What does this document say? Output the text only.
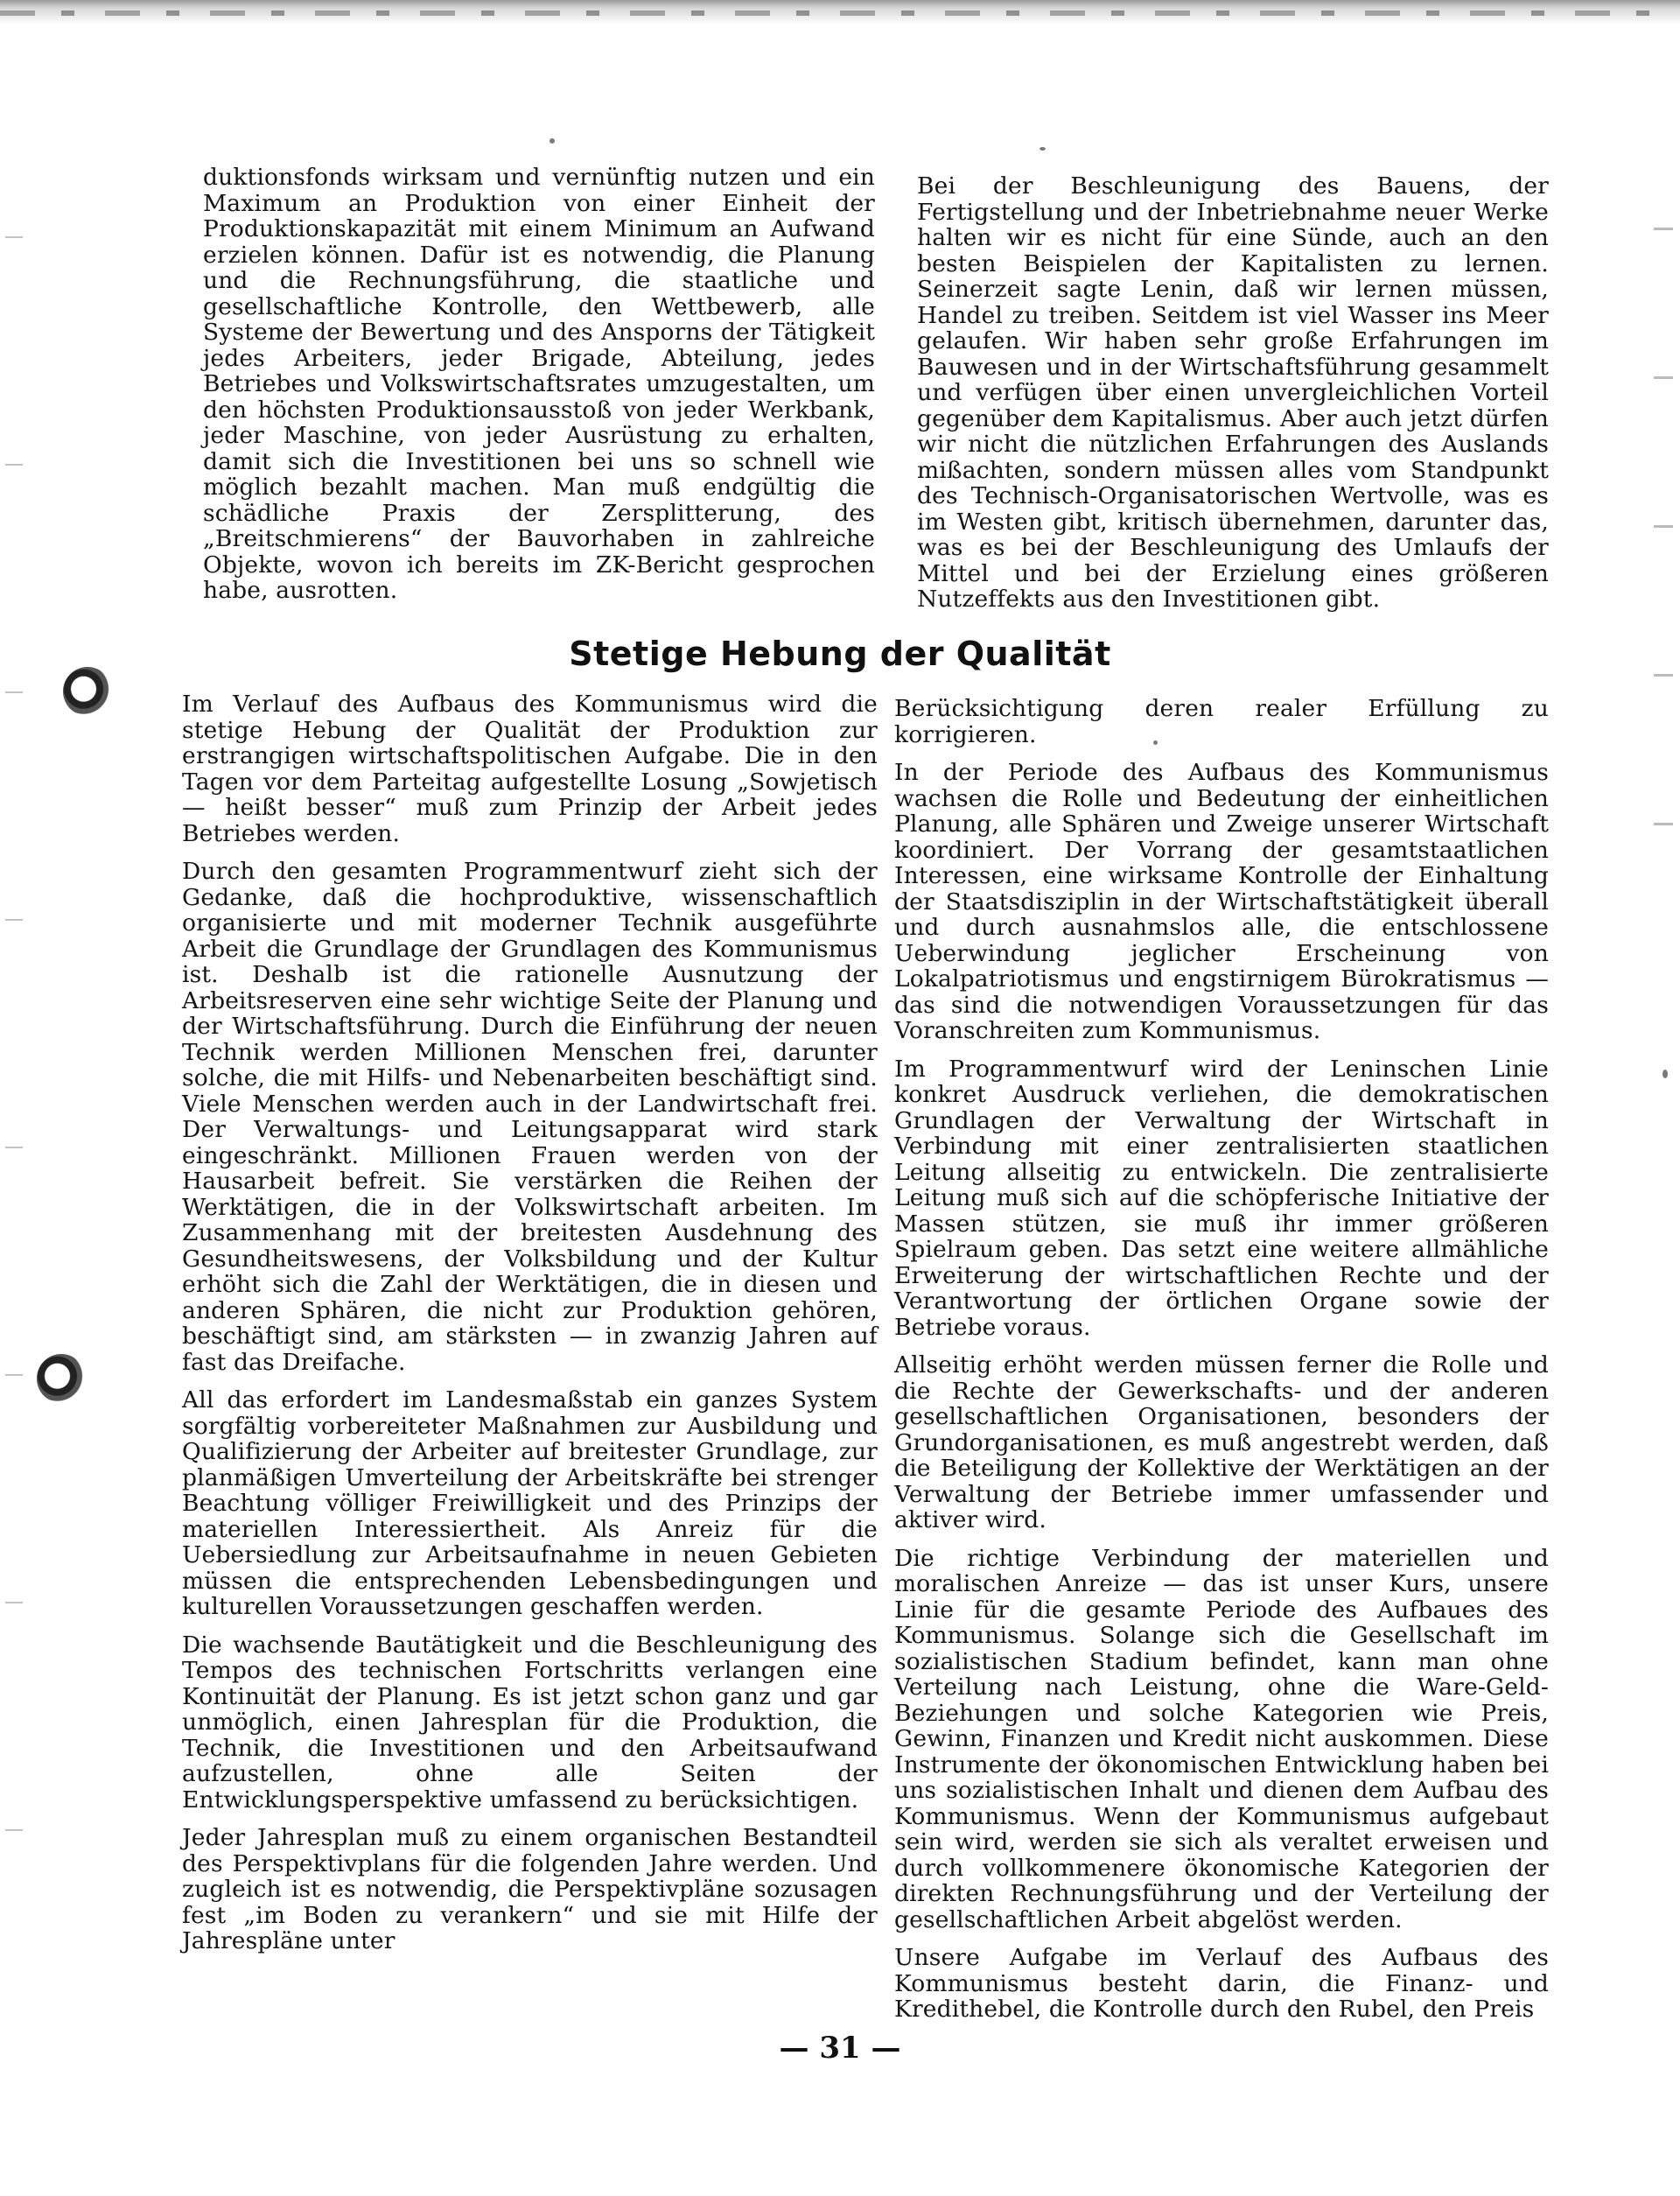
duktionsfonds wirksam und vernünftig nutzen und ein Maximum an Produktion von einer Einheit der Produktionskapazität mit einem Minimum an Aufwand erzielen können. Dafür ist es notwendig, die Planung und die Rechnungsführung, die staatliche und gesellschaftliche Kontrolle, den Wettbewerb, alle Systeme der Bewertung und des Ansporns der Tätigkeit jedes Arbeiters, jeder Brigade, Abteilung, jedes Betriebes und Volkswirtschaftsrates umzugestalten, um den höchsten Produktionsausstoß von jeder Werkbank, jeder Maschine, von jeder Ausrüstung zu erhalten, damit sich die Investitionen bei uns so schnell wie möglich bezahlt machen. Man muß endgültig die schädliche Praxis der Zersplitterung, des „Breitschmierens“ der Bauvorhaben in zahlreiche Objekte, wovon ich bereits im ZK-Bericht gesprochen habe, ausrotten.

Bei der Beschleunigung des Bauens, der Fertigstellung und der Inbetriebnahme neuer Werke halten wir es nicht für eine Sünde, auch an den besten Beispielen der Kapitalisten zu lernen. Seinerzeit sagte Lenin, daß wir lernen müssen, Handel zu treiben. Seitdem ist viel Wasser ins Meer gelaufen. Wir haben sehr große Erfahrungen im Bauwesen und in der Wirtschaftsführung gesammelt und verfügen über einen unvergleichlichen Vorteil gegenüber dem Kapitalismus. Aber auch jetzt dürfen wir nicht die nützlichen Erfahrungen des Auslands mißachten, sondern müssen alles vom Standpunkt des Technisch-Organisatorischen Wertvolle, was es im Westen gibt, kritisch übernehmen, darunter das, was es bei der Beschleunigung des Umlaufs der Mittel und bei der Erzielung eines größeren Nutzeffekts aus den Investitionen gibt.

Stetige Hebung der Qualität

Im Verlauf des Aufbaus des Kommunismus wird die stetige Hebung der Qualität der Produktion zur erstrangigen wirtschaftspolitischen Aufgabe. Die in den Tagen vor dem Parteitag aufgestellte Losung „Sowjetisch — heißt besser“ muß zum Prinzip der Arbeit jedes Betriebes werden.

Durch den gesamten Programmentwurf zieht sich der Gedanke, daß die hochproduktive, wissenschaftlich organisierte und mit moderner Technik ausgeführte Arbeit die Grundlage der Grundlagen des Kommunismus ist. Deshalb ist die rationelle Ausnutzung der Arbeitsreserven eine sehr wichtige Seite der Planung und der Wirtschaftsführung. Durch die Einführung der neuen Technik werden Millionen Menschen frei, darunter solche, die mit Hilfs- und Nebenarbeiten beschäftigt sind. Viele Menschen werden auch in der Landwirtschaft frei. Der Verwaltungs- und Leitungsapparat wird stark eingeschränkt. Millionen Frauen werden von der Hausarbeit befreit. Sie verstärken die Reihen der Werktätigen, die in der Volkswirtschaft arbeiten. Im Zusammenhang mit der breitesten Ausdehnung des Gesundheitswesens, der Volksbildung und der Kultur erhöht sich die Zahl der Werktätigen, die in diesen und anderen Sphären, die nicht zur Produktion gehören, beschäftigt sind, am stärksten — in zwanzig Jahren auf fast das Dreifache.

All das erfordert im Landesmaßstab ein ganzes System sorgfältig vorbereiteter Maßnahmen zur Ausbildung und Qualifizierung der Arbeiter auf breitester Grundlage, zur planmäßigen Umverteilung der Arbeitskräfte bei strenger Beachtung völliger Freiwilligkeit und des Prinzips der materiellen Interessiertheit. Als Anreiz für die Uebersiedlung zur Arbeitsaufnahme in neuen Gebieten müssen die entsprechenden Lebensbedingungen und kulturellen Voraussetzungen geschaffen werden.

Die wachsende Bautätigkeit und die Beschleunigung des Tempos des technischen Fortschritts verlangen eine Kontinuität der Planung. Es ist jetzt schon ganz und gar unmöglich, einen Jahresplan für die Produktion, die Technik, die Investitionen und den Arbeitsaufwand aufzustellen, ohne alle Seiten der Entwicklungsperspektive umfassend zu berücksichtigen.

Jeder Jahresplan muß zu einem organischen Bestandteil des Perspektivplans für die folgenden Jahre werden. Und zugleich ist es notwendig, die Perspektivpläne sozusagen fest „im Boden zu verankern“ und sie mit Hilfe der Jahrespläne unter

Berücksichtigung deren realer Erfüllung zu korrigieren.

In der Periode des Aufbaus des Kommunismus wachsen die Rolle und Bedeutung der einheitlichen Planung, alle Sphären und Zweige unserer Wirtschaft koordiniert. Der Vorrang der gesamtstaatlichen Interessen, eine wirksame Kontrolle der Einhaltung der Staatsdisziplin in der Wirtschaftstätigkeit überall und durch ausnahmslos alle, die entschlossene Ueberwindung jeglicher Erscheinung von Lokalpatriotismus und engstirnigem Bürokratismus — das sind die notwendigen Voraussetzungen für das Voranschreiten zum Kommunismus.

Im Programmentwurf wird der Leninschen Linie konkret Ausdruck verliehen, die demokratischen Grundlagen der Verwaltung der Wirtschaft in Verbindung mit einer zentralisierten staatlichen Leitung allseitig zu entwickeln. Die zentralisierte Leitung muß sich auf die schöpferische Initiative der Massen stützen, sie muß ihr immer größeren Spielraum geben. Das setzt eine weitere allmähliche Erweiterung der wirtschaftlichen Rechte und der Verantwortung der örtlichen Organe sowie der Betriebe voraus.

Allseitig erhöht werden müssen ferner die Rolle und die Rechte der Gewerkschafts- und der anderen gesellschaftlichen Organisationen, besonders der Grundorganisationen, es muß angestrebt werden, daß die Beteiligung der Kollektive der Werktätigen an der Verwaltung der Betriebe immer umfassender und aktiver wird.

Die richtige Verbindung der materiellen und moralischen Anreize — das ist unser Kurs, unsere Linie für die gesamte Periode des Aufbaues des Kommunismus. Solange sich die Gesellschaft im sozialistischen Stadium befindet, kann man ohne Verteilung nach Leistung, ohne die Ware-Geld-Beziehungen und solche Kategorien wie Preis, Gewinn, Finanzen und Kredit nicht auskommen. Diese Instrumente der ökonomischen Entwicklung haben bei uns sozialistischen Inhalt und dienen dem Aufbau des Kommunismus. Wenn der Kommunismus aufgebaut sein wird, werden sie sich als veraltet erweisen und durch vollkommenere ökonomische Kategorien der direkten Rechnungsführung und der Verteilung der gesellschaftlichen Arbeit abgelöst werden.

Unsere Aufgabe im Verlauf des Aufbaus des Kommunismus besteht darin, die Finanz- und Kredithebel, die Kontrolle durch den Rubel, den Preis

— 31 —
